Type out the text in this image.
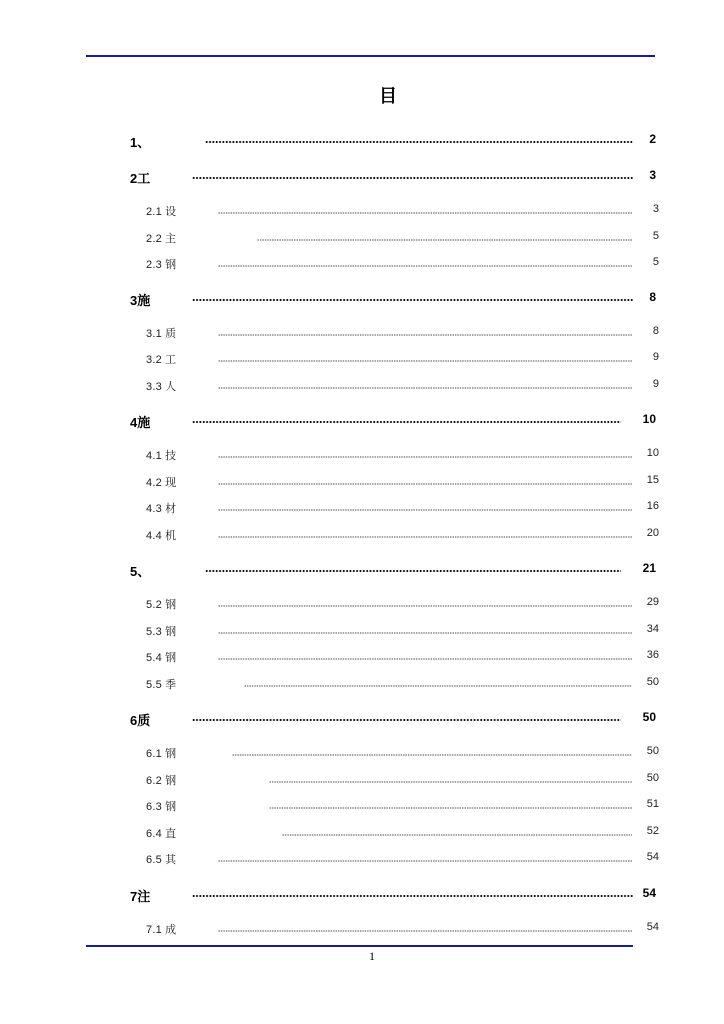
目
1、	2
2工	3
2.1 设	3
2.2 主	5
2.3 钢	5
3施	8
3.1 质	8
3.2 工	9
3.3 人	9
4施	10
4.1 技	10
4.2 现	15
4.3 材	16
4.4 机	20
5、	21
5.2 钢	29
5.3 钢	34
5.4 钢	36
5.5 季	50
6质	50
6.1 钢	50
6.2 钢	50
6.3 钢	51
6.4 直	52
6.5 其	54
7注	54
7.1 成	54
1
